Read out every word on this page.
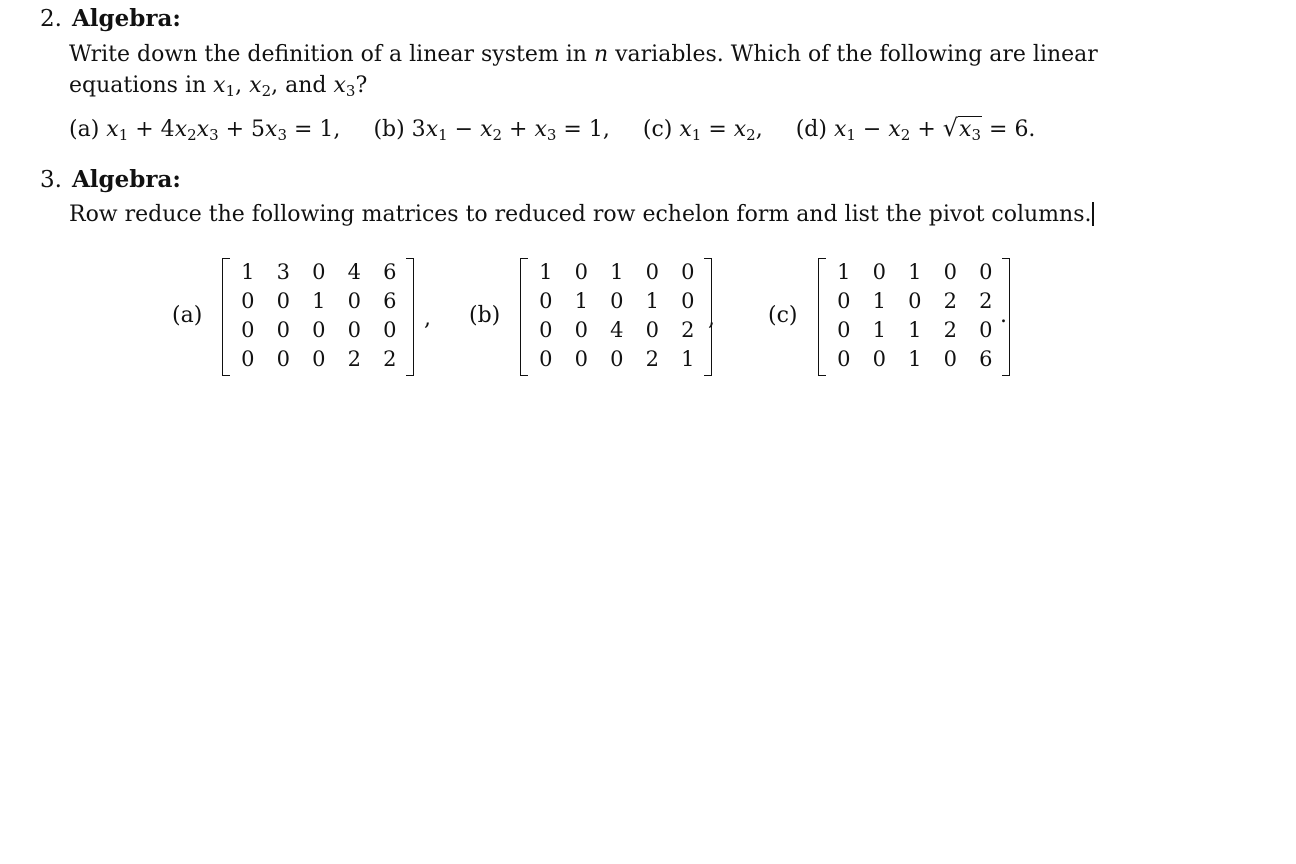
2. Algebra:
Write down the definition of a linear system in n variables. Which of the following are linear
equations in $x_1$, $x_2$, and $x_3$?
(a) $x_1 + 4x_2x_3 + 5x_3 = 1$, (b) $3x_1 - x_2 + x_3 = 1$, (c) $x_1 = x_2$, (d) $x_1 - x_2 + √x_3 = 6$.
3. Algebra:
Row reduce the following matrices to reduced row echelon form and list the pivot columns.
(a)
1	3	0	4	6
0	0	1	0	6
0	0	0	0	0
0	0	0	2	2
, (b)
1	0	1	0	0
0	1	0	1	0
0	0	4	0	2
0	0	0	2	1
, (c)
1	0	1	0	0
0	1	0	2	2
0	1	1	2	0
0	0	1	0	6
.
